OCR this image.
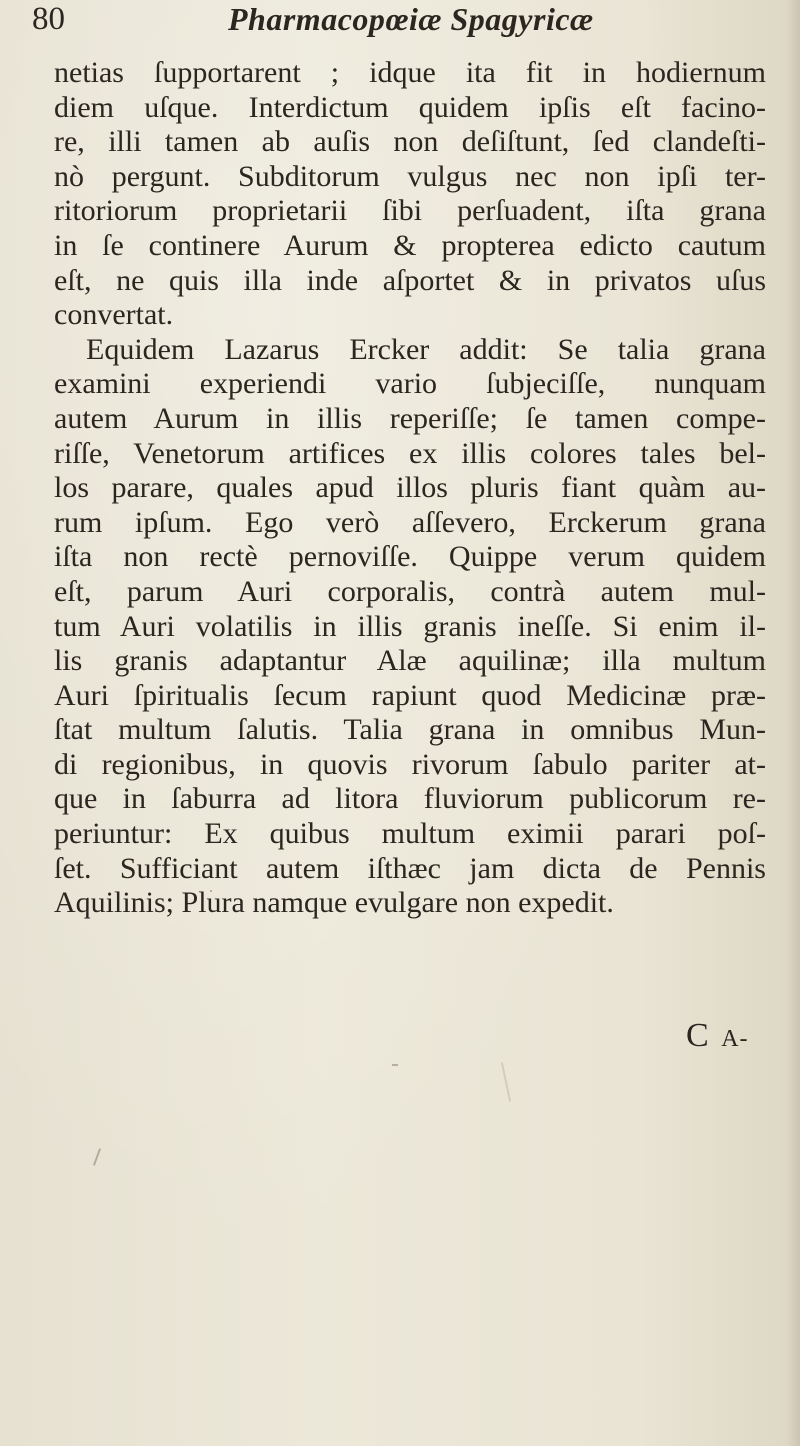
80	Pharmacopœiæ Spagyricæ
netias ſupportarent ; idque ita fit in hodiernum
diem uſque. Interdictum quidem ipſis eſt facino-
re, illi tamen ab auſis non deſiſtunt, ſed clandeſti-
nò pergunt. Subditorum vulgus nec non ipſi ter-
ritoriorum proprietarii ſibi perſuadent, iſta grana
in ſe continere Aurum & propterea edicto cautum
eſt, ne quis illa inde aſportet & in privatos uſus
convertat.
Equidem Lazarus Ercker addit: Se talia grana
examini experiendi vario ſubjeciſſe, nunquam
autem Aurum in illis reperiſſe; ſe tamen compe-
riſſe, Venetorum artifices ex illis colores tales bel-
los parare, quales apud illos pluris fiant quàm au-
rum ipſum. Ego verò aſſevero, Erckerum grana
iſta non rectè pernoviſſe. Quippe verum quidem
eſt, parum Auri corporalis, contrà autem mul-
tum Auri volatilis in illis granis ineſſe. Si enim il-
lis granis adaptantur Alæ aquilinæ; illa multum
Auri ſpiritualis ſecum rapiunt quod Medicinæ præ-
ſtat multum ſalutis. Talia grana in omnibus Mun-
di regionibus, in quovis rivorum ſabulo pariter at-
que in ſaburra ad litora fluviorum publicorum re-
periuntur: Ex quibus multum eximii parari poſ-
ſet. Sufficiant autem iſthæc jam dicta de Pennis
Aquilinis; Plura namque evulgare non expedit.
C A-
